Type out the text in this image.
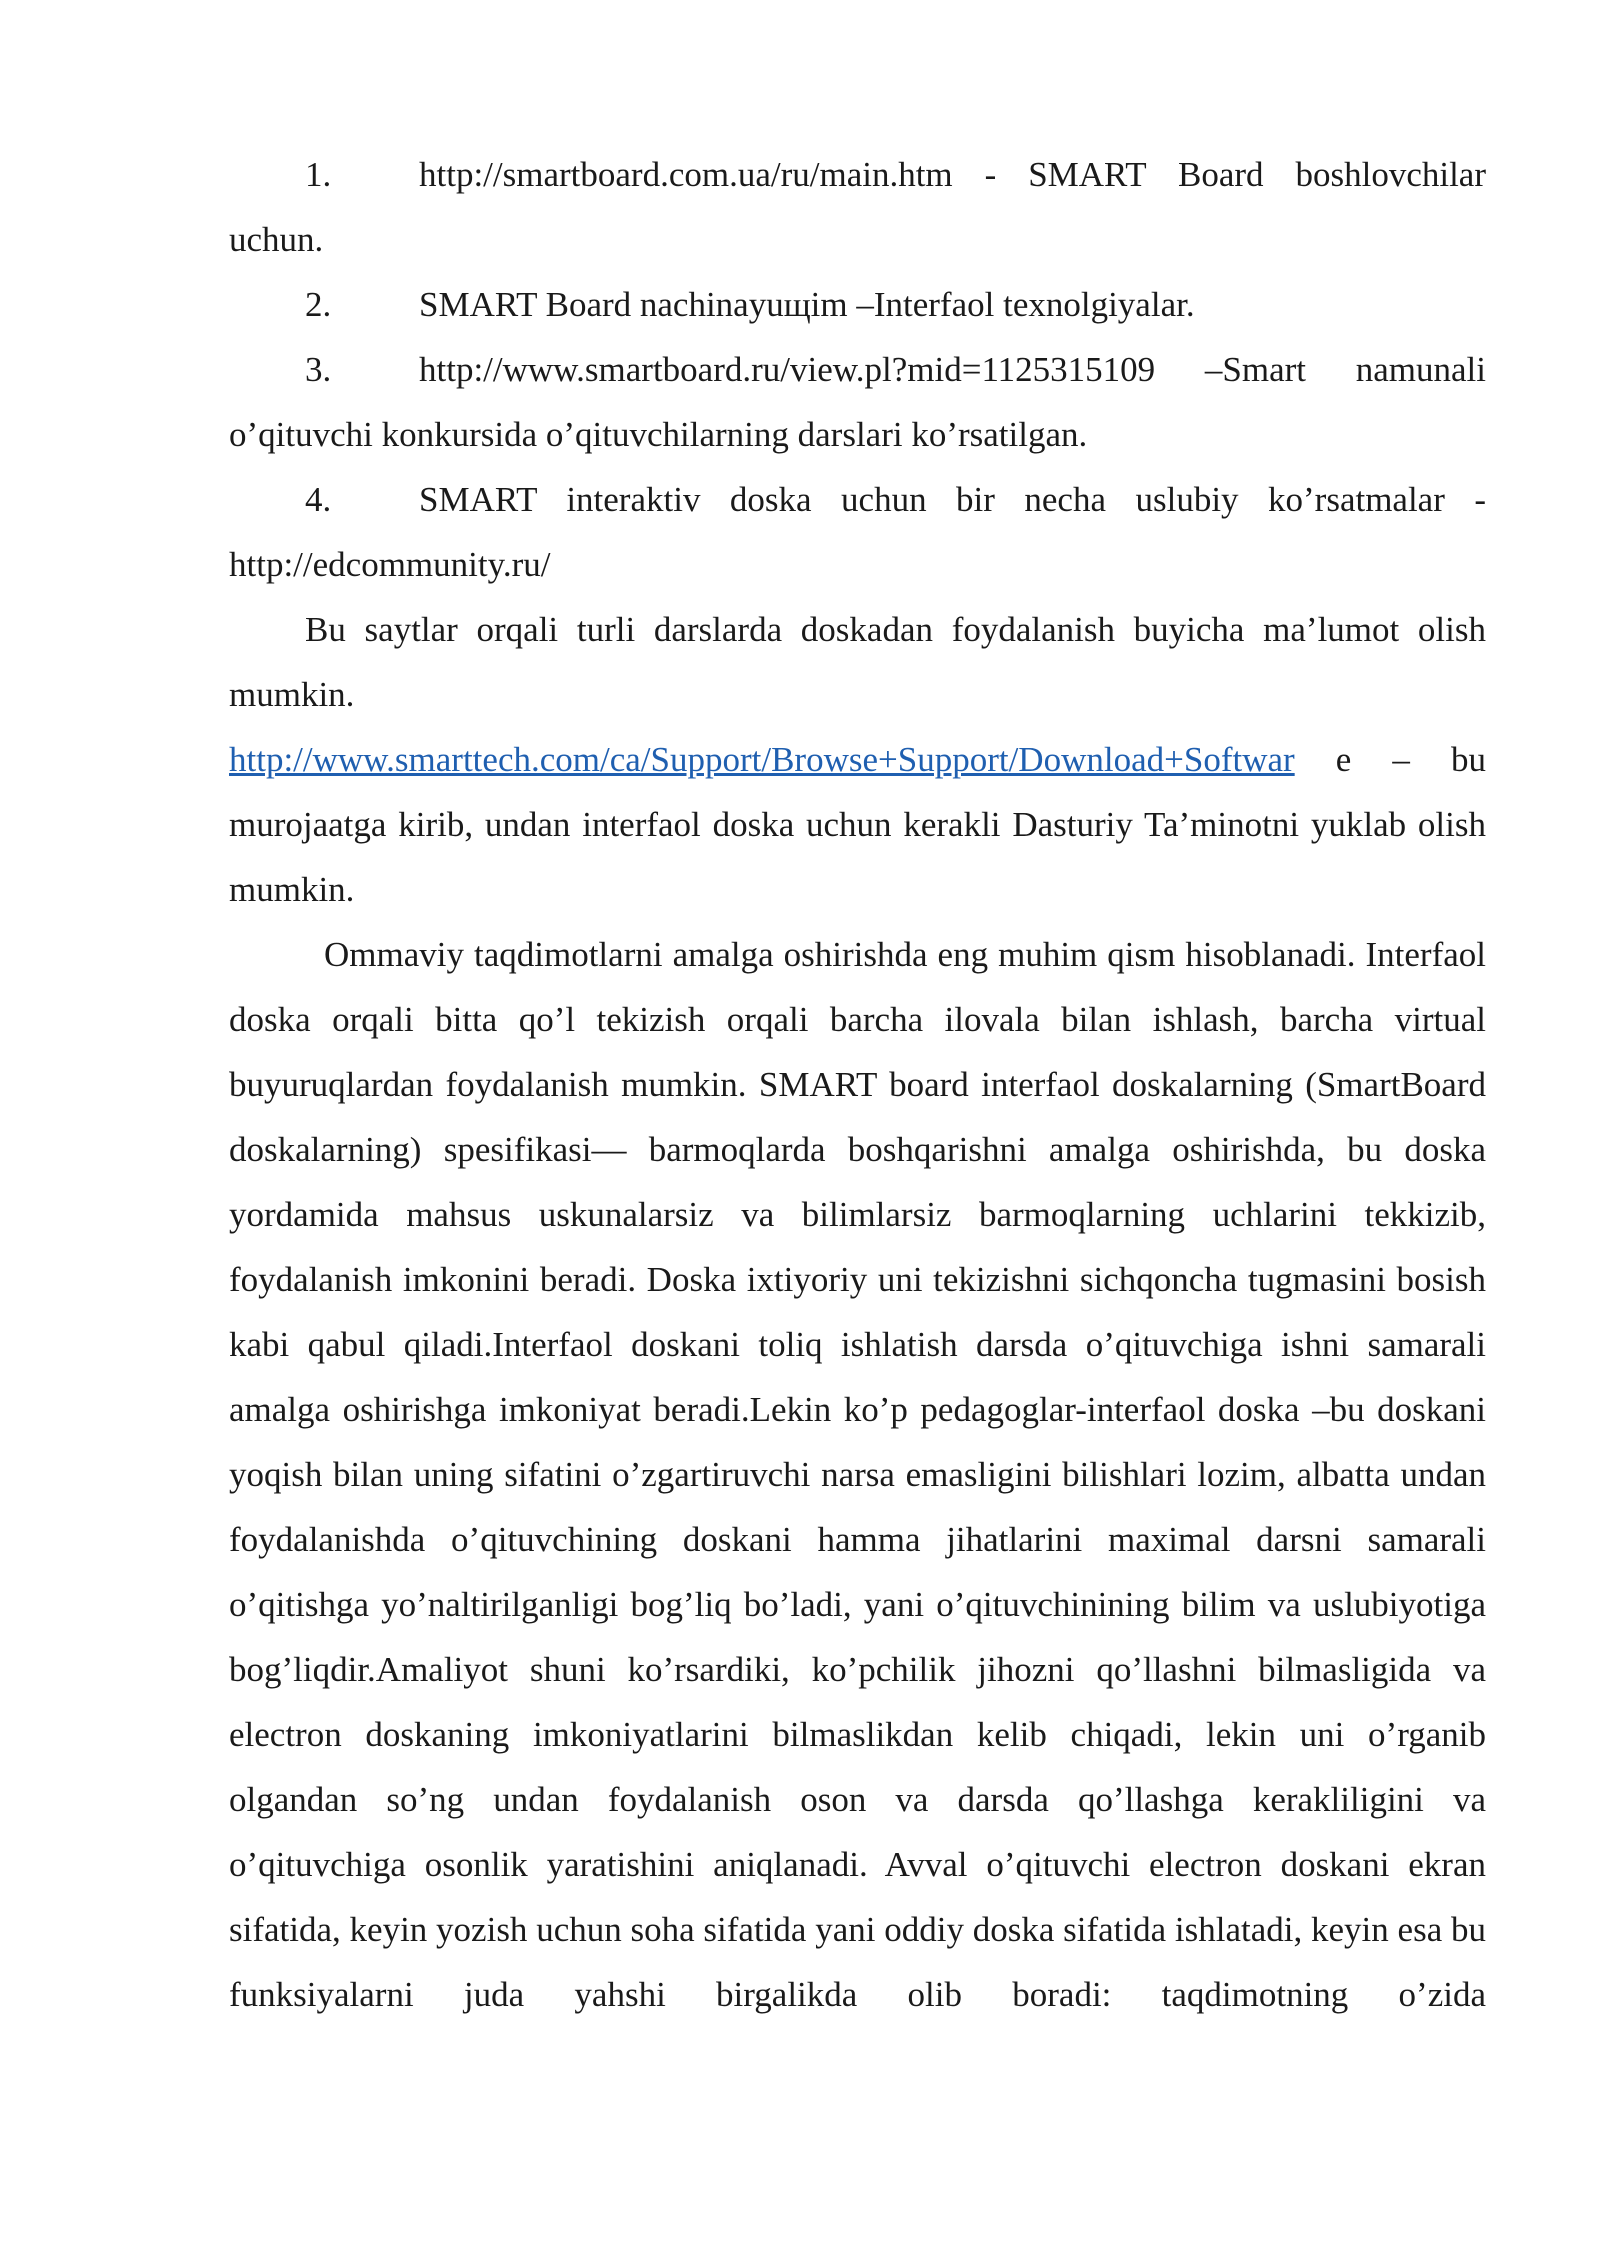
1.	http://smartboard.com.ua/ru/main.htm - SMART Board boshlovchilar uchun.

2.	SMART Board nachinayuщim –Interfaol texnolgiyalar.

3.	http://www.smartboard.ru/view.pl?mid=1125315109 –Smart namunali o’qituvchi konkursida o’qituvchilarning darslari ko’rsatilgan.

4.	SMART interaktiv doska uchun bir necha uslubiy ko’rsatmalar - http://edcommunity.ru/

Bu saytlar orqali turli darslarda doskadan foydalanish buyicha ma’lumot olish mumkin.

http://www.smarttech.com/ca/Support/Browse+Support/Download+Softwar e – bu murojaatga kirib, undan interfaol doska uchun kerakli Dasturiy Ta’minotni yuklab olish mumkin.

Ommaviy taqdimotlarni amalga oshirishda eng muhim qism hisoblanadi. Interfaol doska orqali bitta qo’l tekizish orqali barcha ilovala bilan ishlash, barcha virtual buyuruqlardan foydalanish mumkin. SMART board interfaol doskalarning (SmartBoard doskalarning) spesifikasi— barmoqlarda boshqarishni amalga oshirishda, bu doska yordamida mahsus uskunalarsiz va bilimlarsiz barmoqlarning uchlarini tekkizib, foydalanish imkonini beradi. Doska ixtiyoriy uni tekizishni sichqoncha tugmasini bosish kabi qabul qiladi.Interfaol doskani toliq ishlatish darsda o’qituvchiga ishni samarali amalga oshirishga imkoniyat beradi.Lekin ko’p pedagoglar-interfaol doska –bu doskani yoqish bilan uning sifatini o’zgartiruvchi narsa emasligini bilishlari lozim, albatta undan foydalanishda o’qituvchining doskani hamma jihatlarini maximal darsni samarali o’qitishga yo’naltirilganligi bog’liq bo’ladi, yani o’qituvchinining bilim va uslubiyotiga bog’liqdir.Amaliyot shuni ko’rsardiki, ko’pchilik jihozni qo’llashni bilmasligida va electron doskaning imkoniyatlarini bilmaslikdan kelib chiqadi, lekin uni o’rganib olgandan so’ng undan foydalanish oson va darsda qo’llashga kerakliligini va o’qituvchiga osonlik yaratishini aniqlanadi. Avval o’qituvchi electron doskani ekran sifatida, keyin yozish uchun soha sifatida yani oddiy doska sifatida ishlatadi, keyin esa bu funksiyalarni juda yahshi birgalikda olib boradi: taqdimotning o’zida
